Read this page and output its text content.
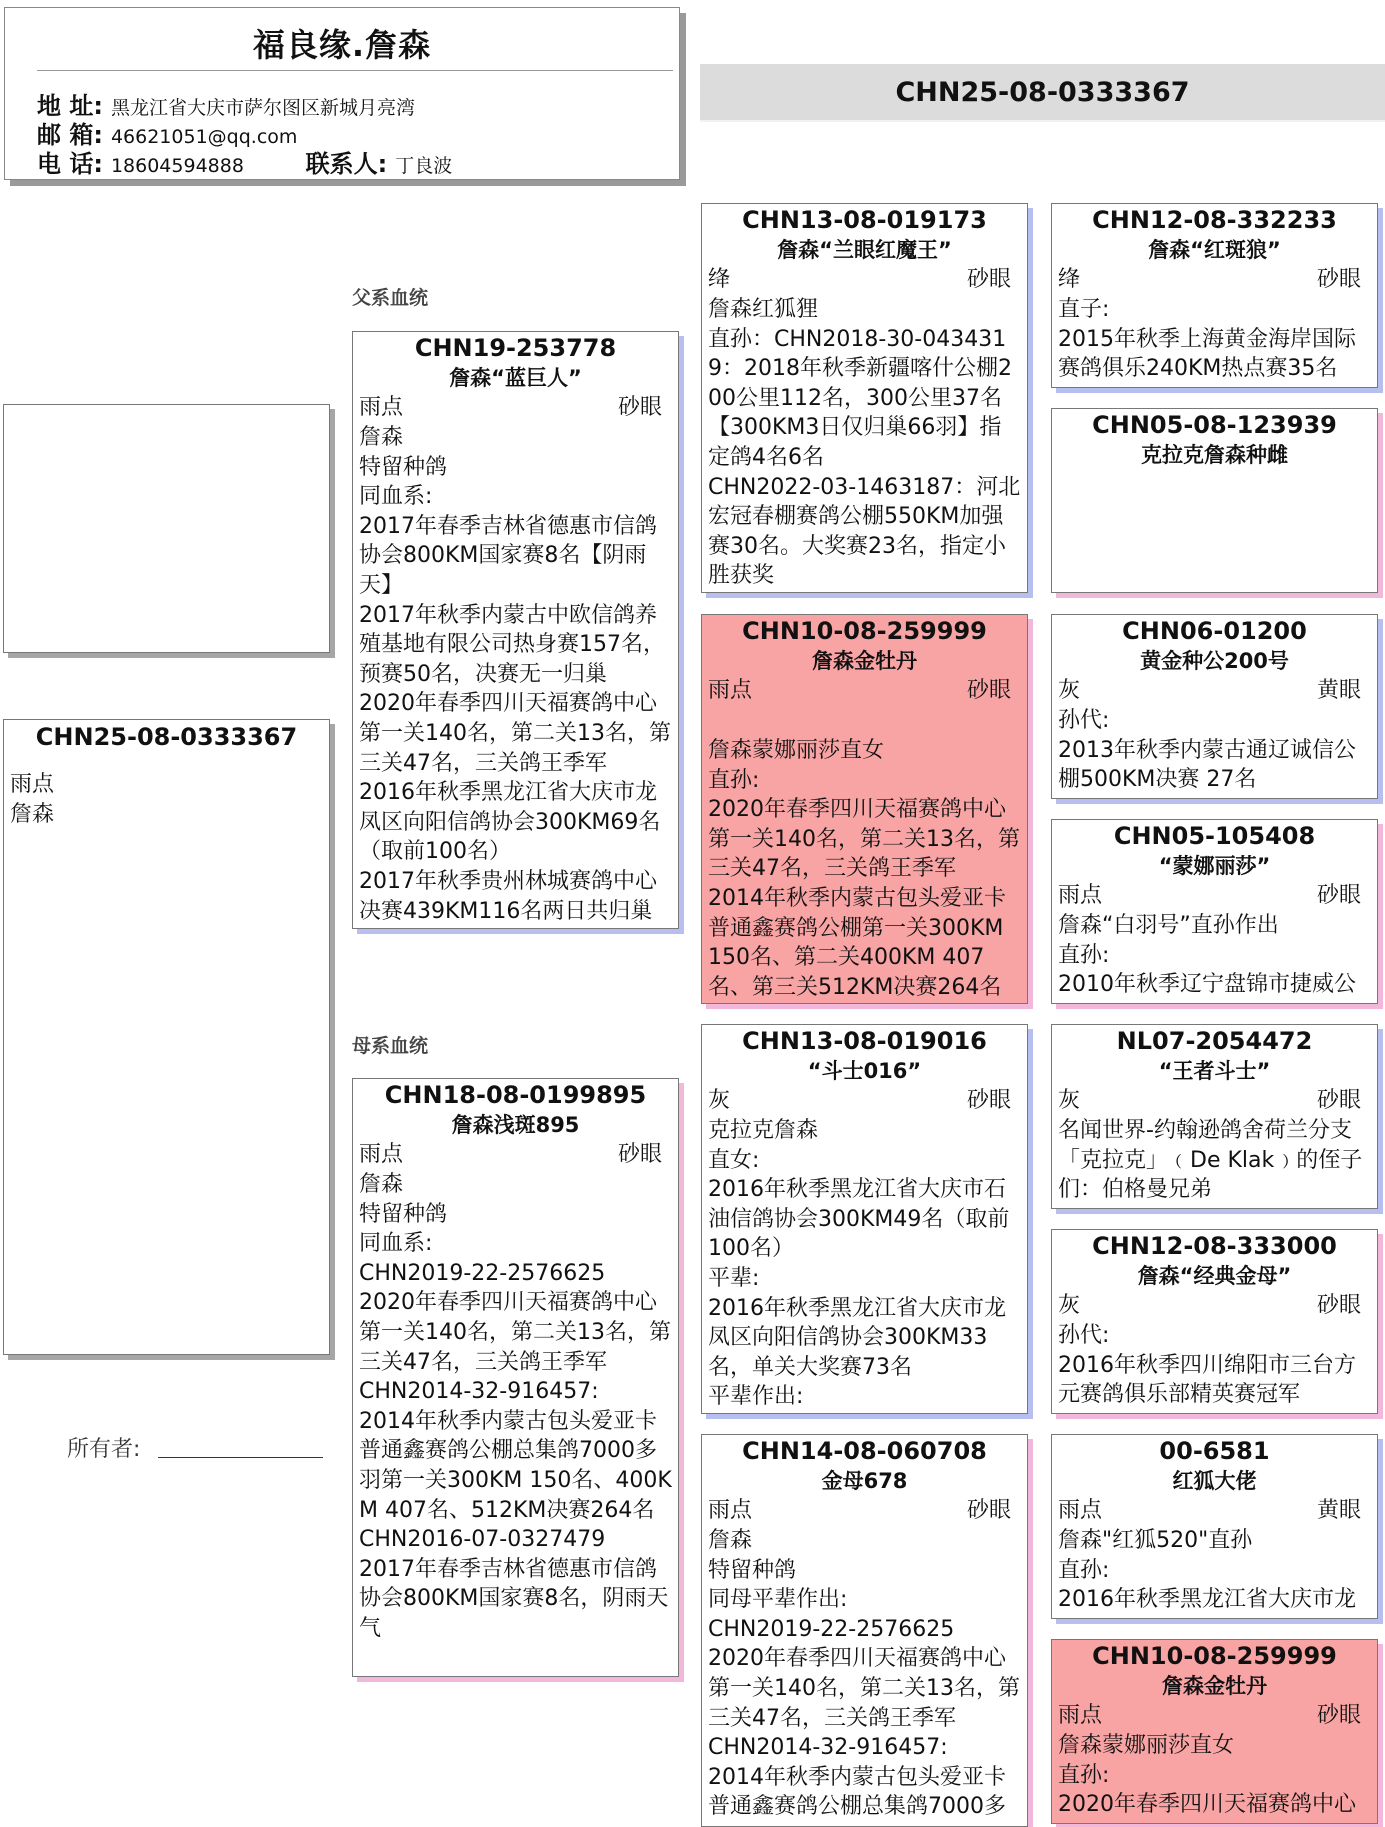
福良缘.詹森
地 址: 黑龙江省大庆市萨尔图区新城月亮湾
邮 箱: 46621051@qq.com
电 话: 18604594888	联系人: 丁良波
CHN25-08-0333367
CHN25-08-0333367
雨点
詹森
所有者:
父系血统
母系血统
CHN19-253778
詹森“蓝巨人”
雨点	砂眼
詹森
特留种鸽
同血系:
2017年春季吉林省德惠市信鸽协会800KM国家赛8名【阴雨天】
2017年秋季内蒙古中欧信鸽养殖基地有限公司热身赛157名，预赛50名，决赛无一归巢
2020年春季四川天福赛鸽中心第一关140名，第二关13名，第三关47名，三关鸽王季军
2016年秋季黑龙江省大庆市龙凤区向阳信鸽协会300KM69名（取前100名）
2017年秋季贵州林城赛鸽中心决赛439KM116名两日共归巢
CHN18-08-0199895
詹森浅斑895
雨点	砂眼
詹森
特留种鸽
同血系:
CHN2019-22-2576625
2020年春季四川天福赛鸽中心第一关140名，第二关13名，第三关47名，三关鸽王季军
CHN2014-32-916457:
2014年秋季内蒙古包头爱亚卡普通鑫赛鸽公棚总集鸽7000多羽第一关300KM 150名、400KM 407名、512KM决赛264名
CHN2016-07-0327479
2017年春季吉林省德惠市信鸽协会800KM国家赛8名，阴雨天气
CHN13-08-019173
詹森“兰眼红魔王”
绛	砂眼
詹森红狐狸
直孙：CHN2018-30-0434319：2018年秋季新疆喀什公棚200公里112名，300公里37名【300KM3日仅归巢66羽】指定鸽4名6名
CHN2022-03-1463187：河北宏冠春棚赛鸽公棚550KM加强赛30名。大奖赛23名，指定小胜获奖
CHN10-08-259999
詹森金牡丹
雨点	砂眼
詹森蒙娜丽莎直女
直孙:
2020年春季四川天福赛鸽中心第一关140名，第二关13名，第三关47名，三关鸽王季军
2014年秋季内蒙古包头爱亚卡普通鑫赛鸽公棚第一关300KM 150名、第二关400KM 407名、第三关512KM决赛264名
CHN13-08-019016
“斗士016”
灰	砂眼
克拉克詹森
直女:
2016年秋季黑龙江省大庆市石油信鸽协会300KM49名（取前100名）
平辈:
2016年秋季黑龙江省大庆市龙凤区向阳信鸽协会300KM33名，单关大奖赛73名
平辈作出:
CHN14-08-060708
金母678
雨点	砂眼
詹森
特留种鸽
同母平辈作出:
CHN2019-22-2576625
2020年春季四川天福赛鸽中心第一关140名，第二关13名，第三关47名，三关鸽王季军
CHN2014-32-916457:
2014年秋季内蒙古包头爱亚卡普通鑫赛鸽公棚总集鸽7000多
CHN12-08-332233
詹森“红斑狼”
绛	砂眼
直子:
2015年秋季上海黄金海岸国际赛鸽俱乐240KM热点赛35名
CHN05-08-123939
克拉克詹森种雌
CHN06-01200
黄金种公200号
灰	黄眼
孙代:
2013年秋季内蒙古通辽诚信公棚500KM决赛 27名
CHN05-105408
“蒙娜丽莎”
雨点	砂眼
詹森“白羽号”直孙作出
直孙:
2010年秋季辽宁盘锦市捷威公
NL07-2054472
“王者斗士”
灰	砂眼
名闻世界-约翰逊鸽舍荷兰分支「克拉克」﹙De Klak﹚的侄子们：伯格曼兄弟
CHN12-08-333000
詹森“经典金母”
灰	砂眼
孙代:
2016年秋季四川绵阳市三台方元赛鸽俱乐部精英赛冠军
00-6581
红狐大佬
雨点	黄眼
詹森"红狐520"直孙
直孙:
2016年秋季黑龙江省大庆市龙
CHN10-08-259999
詹森金牡丹
雨点	砂眼
詹森蒙娜丽莎直女
直孙:
2020年春季四川天福赛鸽中心
